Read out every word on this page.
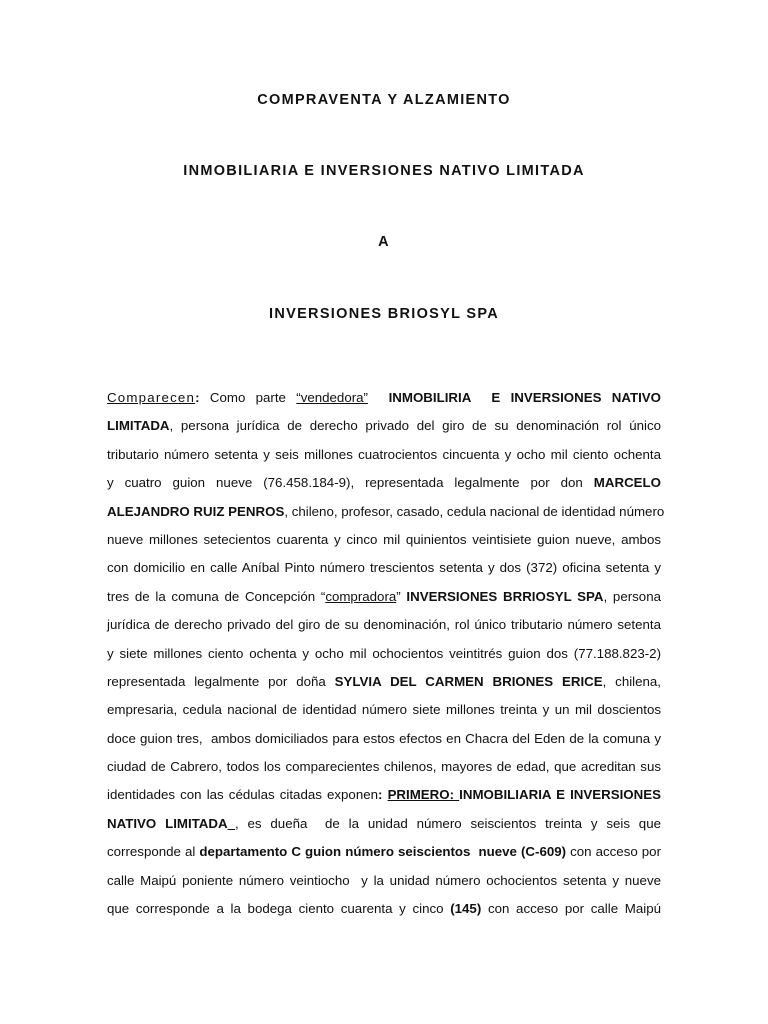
COMPRAVENTA Y ALZAMIENTO
INMOBILIARIA E INVERSIONES NATIVO LIMITADA
A
INVERSIONES BRIOSYL SPA
Comparecen: Como parte “vendedora” INMOBILIRIA  E INVERSIONES NATIVO
LIMITADA, persona jurídica de derecho privado del giro de su denominación rol único
tributario número setenta y seis millones cuatrocientos cincuenta y ocho mil ciento ochenta
y cuatro guion nueve (76.458.184-9), representada legalmente por don MARCELO
ALEJANDRO RUIZ PENROS, chileno, profesor, casado, cedula nacional de identidad número
nueve millones setecientos cuarenta y cinco mil quinientos veintisiete guion nueve, ambos
con domicilio en calle Aníbal Pinto número trescientos setenta y dos (372) oficina setenta y
tres de la comuna de Concepción “compradora” INVERSIONES BRRIOSYL SPA, persona
jurídica de derecho privado del giro de su denominación, rol único tributario número setenta
y siete millones ciento ochenta y ocho mil ochocientos veintitrés guion dos (77.188.823-2)
representada legalmente por doña SYLVIA DEL CARMEN BRIONES ERICE, chilena,
empresaria, cedula nacional de identidad número siete millones treinta y un mil doscientos
doce guion tres,  ambos domiciliados para estos efectos en Chacra del Eden de la comuna y
ciudad de Cabrero, todos los comparecientes chilenos, mayores de edad, que acreditan sus
identidades con las cédulas citadas exponen: PRIMERO: INMOBILIARIA E INVERSIONES
NATIVO LIMITADA_, es dueña  de la unidad número seiscientos treinta y seis que
corresponde al departamento C guion número seiscientos  nueve (C-609) con acceso por
calle Maipú poniente número veintiocho  y la unidad número ochocientos setenta y nueve
que corresponde a la bodega ciento cuarenta y cinco (145) con acceso por calle Maipú
